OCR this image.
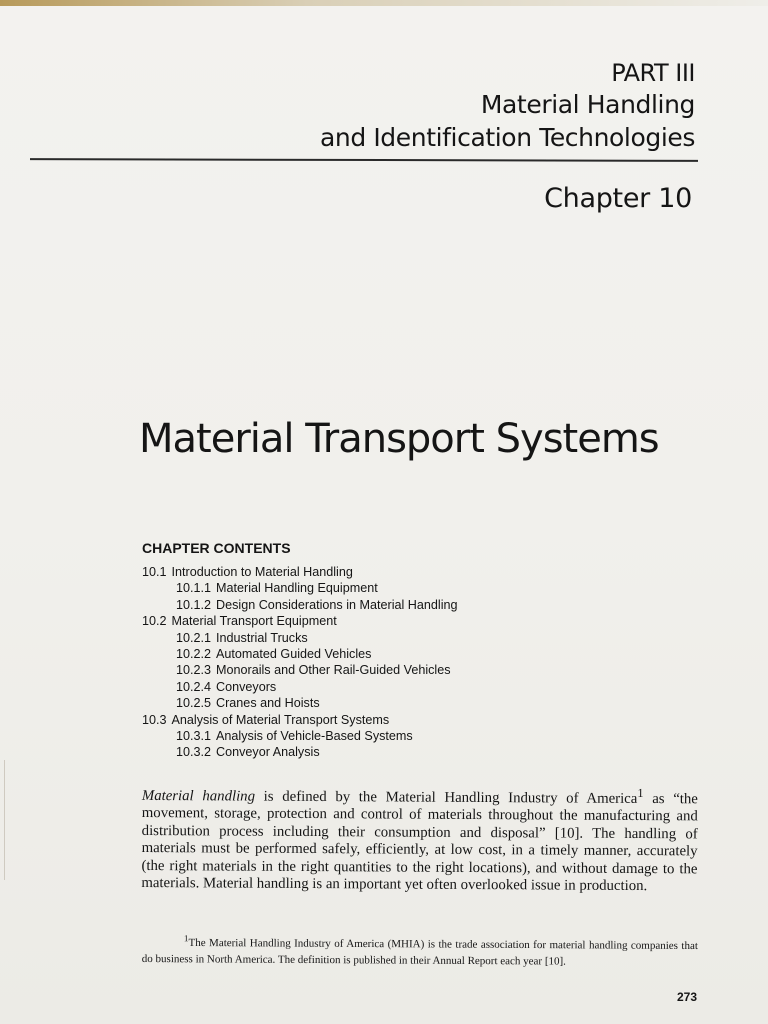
PART III
Material Handling
and Identification Technologies
Chapter 10
Material Transport Systems
CHAPTER CONTENTS
10.1 Introduction to Material Handling
10.1.1 Material Handling Equipment
10.1.2 Design Considerations in Material Handling
10.2 Material Transport Equipment
10.2.1 Industrial Trucks
10.2.2 Automated Guided Vehicles
10.2.3 Monorails and Other Rail-Guided Vehicles
10.2.4 Conveyors
10.2.5 Cranes and Hoists
10.3 Analysis of Material Transport Systems
10.3.1 Analysis of Vehicle-Based Systems
10.3.2 Conveyor Analysis
Material handling is defined by the Material Handling Industry of America$^1$ as “the movement, storage, protection and control of materials throughout the manufacturing and distribution process including their consumption and disposal” [10]. The handling of materials must be performed safely, efficiently, at low cost, in a timely manner, accurately (the right materials in the right quantities to the right locations), and without damage to the materials. Material handling is an important yet often overlooked issue in production.
$^1$The Material Handling Industry of America (MHIA) is the trade association for material handling companies that do business in North America. The definition is published in their Annual Report each year [10].
273
